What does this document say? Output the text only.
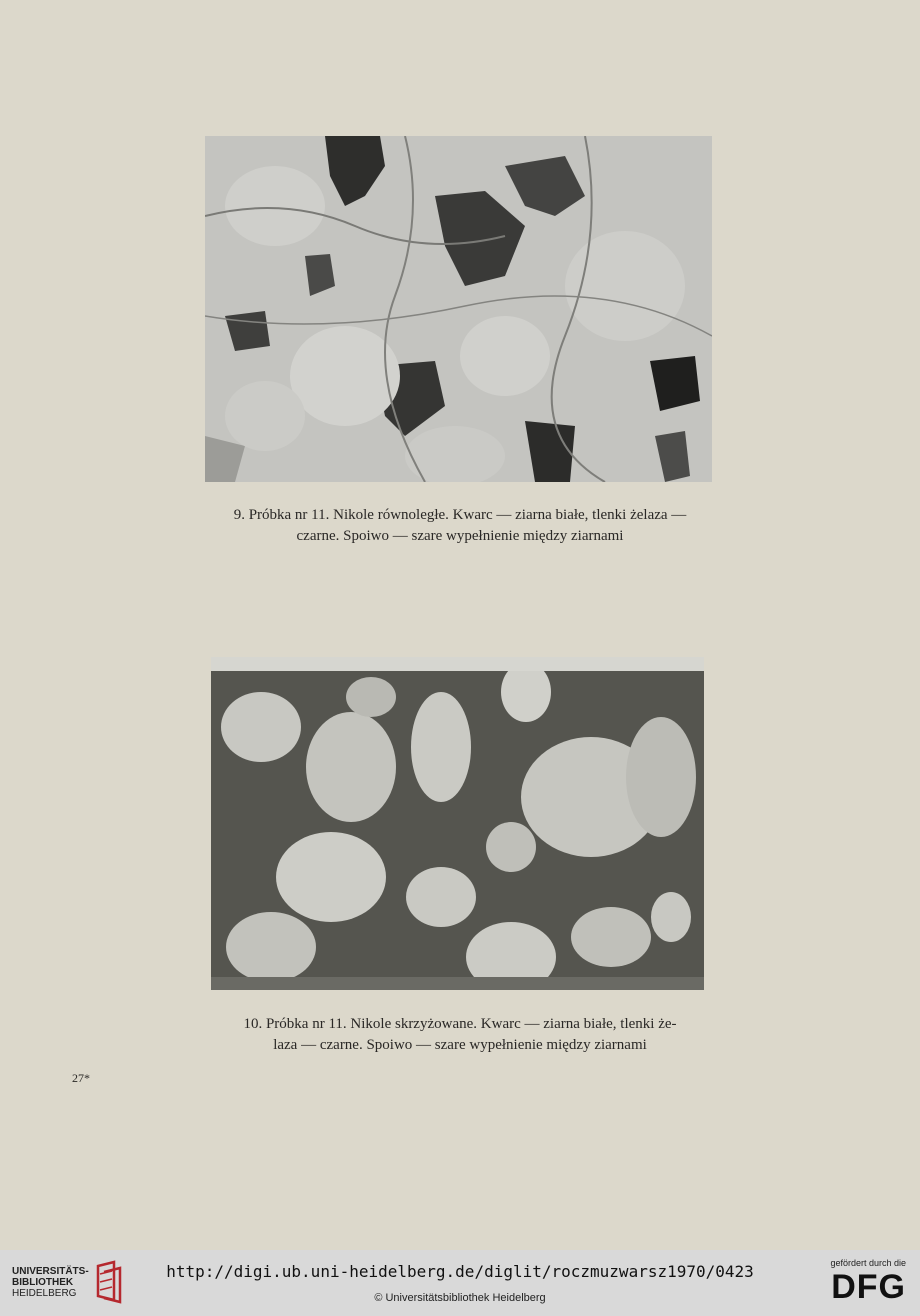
9. Próbka nr 11. Nikole równoległe. Kwarc — ziarna białe, tlenki żelaza —
czarne. Spoiwo — szare wypełnienie między ziarnami
10. Próbka nr 11. Nikole skrzyżowane. Kwarc — ziarna białe, tlenki że-
laza — czarne. Spoiwo — szare wypełnienie między ziarnami
27*
UNIVERSITÄTS-
BIBLIOTHEK
HEIDELBERG
http://digi.ub.uni-heidelberg.de/diglit/roczmuzwarsz1970/0423
© Universitätsbibliothek Heidelberg
gefördert durch die
DFG
